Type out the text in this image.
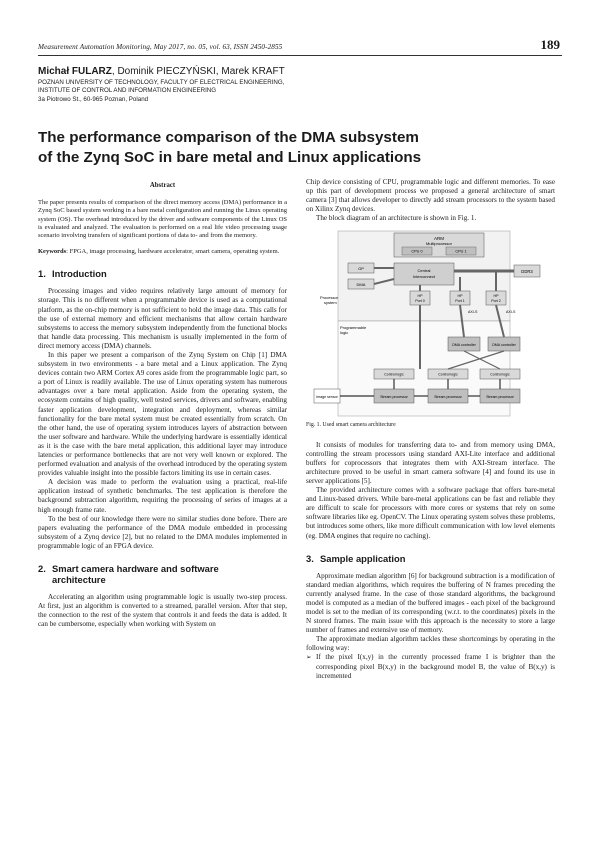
Measurement Automation Monitoring, May 2017, no. 05, vol. 63, ISSN 2450-2855	189
Michał FULARZ, Dominik PIECZYŃSKI, Marek KRAFT
POZNAN UNIVERSITY OF TECHNOLOGY, FACULTY OF ELECTRICAL ENGINEERING,
INSTITUTE OF CONTROL AND INFORMATION ENGINEERING
3a Piotrowo St., 60-965 Poznan, Poland
The performance comparison of the DMA subsystem
of the Zynq SoC in bare metal and Linux applications
Abstract

The paper presents results of comparison of the direct memory access (DMA) performance in a Zynq SoC based system working in a bare metal configuration and running the Linux operating system (OS). The overhead introduced by the driver and software components of the Linux OS is evaluated and analyzed. The evaluation is performed on a real life video processing usage scenario involving transfers of significant portions of data to- and from the memory.

Keywords: FPGA, image processing, hardware accelerator, smart camera, operating system.

1. Introduction

Processing images and video requires relatively large amount of memory for storage. This is no different when a programmable device is used as a computational platform, as the on-chip memory is not sufficient to hold the image data. This calls for the use of external memory and efficient mechanisms that allow certain hardware subsystems to access the memory subsystem independently from the functional blocks that handle data processing. This mechanism is usually implemented in the form of direct memory access (DMA) channels.

In this paper we present a comparison of the Zynq System on Chip [1] DMA subsystem in two environments - a bare metal and a Linux application. The Zynq devices contain two ARM Cortex A9 cores aside from the programmable logic part, so a port of Linux is readily available. The use of Linux operating system has numerous advantages over a bare metal application. Aside from the operating system, the ecosystem contains of high quality, well tested services, drivers and software, enabling faster application development, integration and deployment, whereas similar functionality for the bare metal system must be created essentially from scratch. On the other hand, the use of operating system introduces layers of abstraction between the user software and hardware. While the underlying hardware is essentially identical as it is the case with the bare metal application, this additional layer may introduce latencies or performance bottlenecks that are not very well known or explored. The performed evaluation and analysis of the overhead introduced by the operating system provides valuable insight into the possible factors limiting its use in certain cases.

A decision was made to perform the evaluation using a practical, real-life application instead of synthetic benchmarks. The test application is therefore the background subtraction algorithm, requiring the processing of series of images at a high enough frame rate.

To the best of our knowledge there were no similar studies done before. There are papers evaluating the performance of the DMA module embedded in processing subsystem of a Zynq device [2], but no related to the DMA modules implemented in programmable logic of an FPGA device.

2. Smart camera hardware and software
architecture

Accelerating an algorithm using programmable logic is usually two-step process. At first, just an algorithm is converted to a streamed, parallel version. After that step, the connection to the rest of the system that controls it and feeds the data is added. It can be cumbersome, especially when working with System on

Chip device consisting of CPU, programmable logic and different memories. To ease up this part of development process we proposed a general architecture of smart camera [3] that allows developer to directly add stream processors to the system based on Xilinx Zynq devices.

The block diagram of an architecture is shown in Fig. 1.

ARM
Multiprocessor
CPU 0	CPU 1
GP
DMA
Central
Interconnect
DDR3
Processor
system
HP
Port 0
HP
Port 1
HP
Port 2
Programmable
logic
AXI-S	AXI-S
DMA controller	DMA controller
Control logic
Stream processor
Control logic
Stream processor
Control logic
Stream processor
Image sensor
Fig. 1. Used smart camera architecture

It consists of modules for transferring data to- and from memory using DMA, controlling the stream processors using standard AXI-Lite interface and additional buffers for coprocessors that integrates them with AXI-Stream interface. The architecture proved to be useful in smart camera software [4] and found its use in server applications [5].

The provided architecture comes with a software package that offers bare-metal and Linux-based drivers. While bare-metal applications can be fast and reliable they are difficult to scale for processors with more cores or systems that rely on some software libraries like eg. OpenCV. The Linux operating system solves these problems, but introduces some others, like more difficult communication with low level elements (eg. DMA engines that require no caching).

3. Sample application

Approximate median algorithm [6] for background subtraction is a modification of standard median algorithms, which requires the buffering of N frames preceding the currently analysed frame. In the case of those standard algorithms, the background model is computed as a median of the buffered images - each pixel of the background model is set to the median of its corresponding (w.r.t. to the coordinates) pixels in the N stored frames. The main issue with this approach is the necessity to store a large number of frames and extensive use of memory.

The approximate median algorithm tackles these shortcomings by operating in the following way:

➢ If the pixel I(x,y) in the currently processed frame I is brighter than the corresponding pixel B(x,y) in the background model B, the value of B(x,y) is incremented
